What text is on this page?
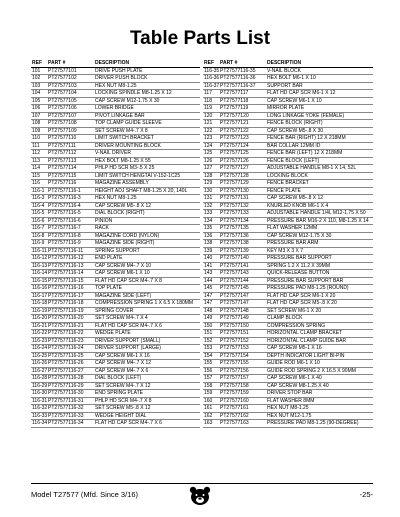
Table Parts List
REF	PART #	DESCRIPTION
101	PT27577101	DRIVE PUSH PLATE
102	PT27577102	DRIVER PUSH BLOCK
103	PT27577103	HEX NUT M8-1.25
104	PT27577104	LOCKING SPINDLE M8-1.25 X 12
105	PT27577105	CAP SCREW M12-1.75 X 30
106	PT27577106	LOWER BRIDGE
107	PT27577107	PIVOT LINKAGE BAR
108	PT27577108	TOP CLAMP GUIDE SLEEVE
109	PT27577109	SET SCREW M4-.7 X 8
110	PT27577110	LIMIT SWITCH BRACKET
111	PT27577111	DRIVER MOUNTING BLOCK
112	PT27577112	V-NAIL DRIVER
113	PT27577113	HEX BOLT M8-1.25 X 55
114	PT27577114	PHLP HD SCR M3-.5 X 25
115	PT27577115	LIMIT SWITCH HENGTAI V-152-1C25
116	PT27577116	MAGAZINE ASSEMBLY
116-1	PT27577116-1	HEIGHT ADJ SHAFT M8-1.25 X 20, 140L
116-3	PT27577116-3	HEX NUT M8-1.25
116-4	PT27577116-4	CAP SCREW M5-.8 X 12
116-5	PT27577116-5	DIAL BLOCK (RIGHT)
116-6	PT27577116-6	PINION
116-7	PT27577116-7	RACK
116-8	PT27577116-8	MAGAZINE CORD (NYLON)
116-9	PT27577116-9	MAGAZINE SIDE (RIGHT)
116-11	PT27577116-11	SPRING SUPPORT
116-12	PT27577116-12	END PLATE
116-13	PT27577116-13	CAP SCREW M4-.7 X 10
116-14	PT27577116-14	CAP SCREW M6-1 X 10
116-15	PT27577116-15	FLAT HD CAP SCR M4-.7 X 8
116-16	PT27577116-16	TOP PLATE
116-17	PT27577116-17	MAGAZINE SIDE (LEFT)
116-18	PT27577116-18	COMPRESSION SPRING 1 X 6.5 X 180MM
116-19	PT27577116-19	SPRING COVER
116-20	PT27577116-20	SET SCREW M4-.7 X 4
116-21	PT27577116-21	FLAT HD CAP SCR M4-.7 X 6
116-22	PT27577116-22	WEDGE PLATE
116-23	PT27577116-23	DRIVER SUPPORT (SMALL)
116-24	PT27577116-24	DRIVER SUPPORT (LARGE)
116-25	PT27577116-25	CAP SCREW M6-1 X 16
116-26	PT27577116-26	CAP SCREW M4-.7 X 12
116-27	PT27577116-27	CAP SCREW M4-.7 X 6
116-28	PT27577116-28	DIAL BLOCK (LEFT)
116-29	PT27577116-29	SET SCREW M4-.7 X 12
116-30	PT27577116-30	END SPRING PLATE
116-31	PT27577116-31	PHLP HD SCR M4-.7 X 8
116-32	PT27577116-32	SET SCREW M5-.8 X 12
116-33	PT27577116-33	WEDGE HEIGHT DIAL
116-34	PT27577116-34	FLAT HD CAP SCR M4-.7 X 6
REF	PART #	DESCRIPTION
116-35	PT27577116-35	V-NAIL BLOCK
116-36	PT27577116-36	HEX BOLT M6-1 X 10
116-37	PT27577116-37	SUPPORT BAR
117	PT27577117	FLAT HD CAP SCR M6-1 X 12
118	PT27577118	CAP SCREW M6-1 X 10
119	PT27577119	MIRROR PLATE
120	PT27577120	LONG LINKAGE YOKE (FEMALE)
121	PT27577121	FENCE BLOCK (RIGHT)
122	PT27577122	CAP SCREW M5-.8 X 30
123	PT27577123	FENCE BAR (RIGHT) 12 X 218MM
124	PT27577124	BAR COLLAR 12MM ID
125	PT27577125	FENCE BAR (LEFT) 12 X 218MM
126	PT27577126	FENCE BLOCK (LEFT)
127	PT27577127	ADJUSTABLE HANDLE M8-1 X 14, 52L
128	PT27577128	LOCKING BLOCK
129	PT27577129	FENCE BRACKET
130	PT27577130	FENCE PLATE
131	PT27577131	CAP SCREW M5-.8 X 12
132	PT27577132	KNURLED KNOB M6-1 X 4
133	PT27577133	ADJUSTABLE HANDLE 1/4L M12-1.75 X 50
134	PT27577134	PRESSURE BAR M16-2 X 110, M8-1.25 X 14
135	PT27577135	FLAT WASHER 12MM
136	PT27577136	CAP SCREW M12-1.75 X 30
138	PT27577138	PRESSURE BAR ARM
139	PT27577139	KEY M3 X 3 X 7
140	PT27577140	PRESSURE BAR SUPPORT
141	PT27577141	SPRING 1.2 X 11.2 X 39MM
143	PT27577143	QUICK-RELEASE BUTTON
144	PT27577144	PRESSURE BAR SUPPORT BAR
145	PT27577145	PRESSURE PAD M8-1.25 (ROUND)
147	PT27577147	FLAT HD CAP SCR M6-1 X 20
147	PT27577147	FLAT HD CAP SCR M5-.8 X 20
148	PT27577148	SET SCREW M6-1 X 20
149	PT27577149	CLAMP BLOCK
150	PT27577150	COMPRESSION SPRING
151	PT27577151	HORIZONTAL CLAMP BRACKET
152	PT27577152	HORIZONTAL CLAMP GUIDE BAR
153	PT27577153	CAP SCREW M5-1 X 16
154	PT27577154	DEPTH INDICATOR LIGHT BI-PIN
155	PT27577155	GUIDE ROD M6-1 X 10
156	PT27577156	GUIDE ROD SPRING 2 X 16.5 X 90MM
157	PT27577157	CAP SCREW M6-1 X 40
158	PT27577158	CAP SCREW M8-1.25 X 40
159	PT27577159	DRIVER STOP BAR
160	PT27577160	FLAT WASHER 8MM
161	PT27577161	HEX NUT M8-1.25
162	PT27577162	HEX NUT M12-1.75
163	PT27577163	PRESSURE PAD M8-1.25 (90-DEGREE)
Model T27577 (Mfd. Since 3/16)	-25-
